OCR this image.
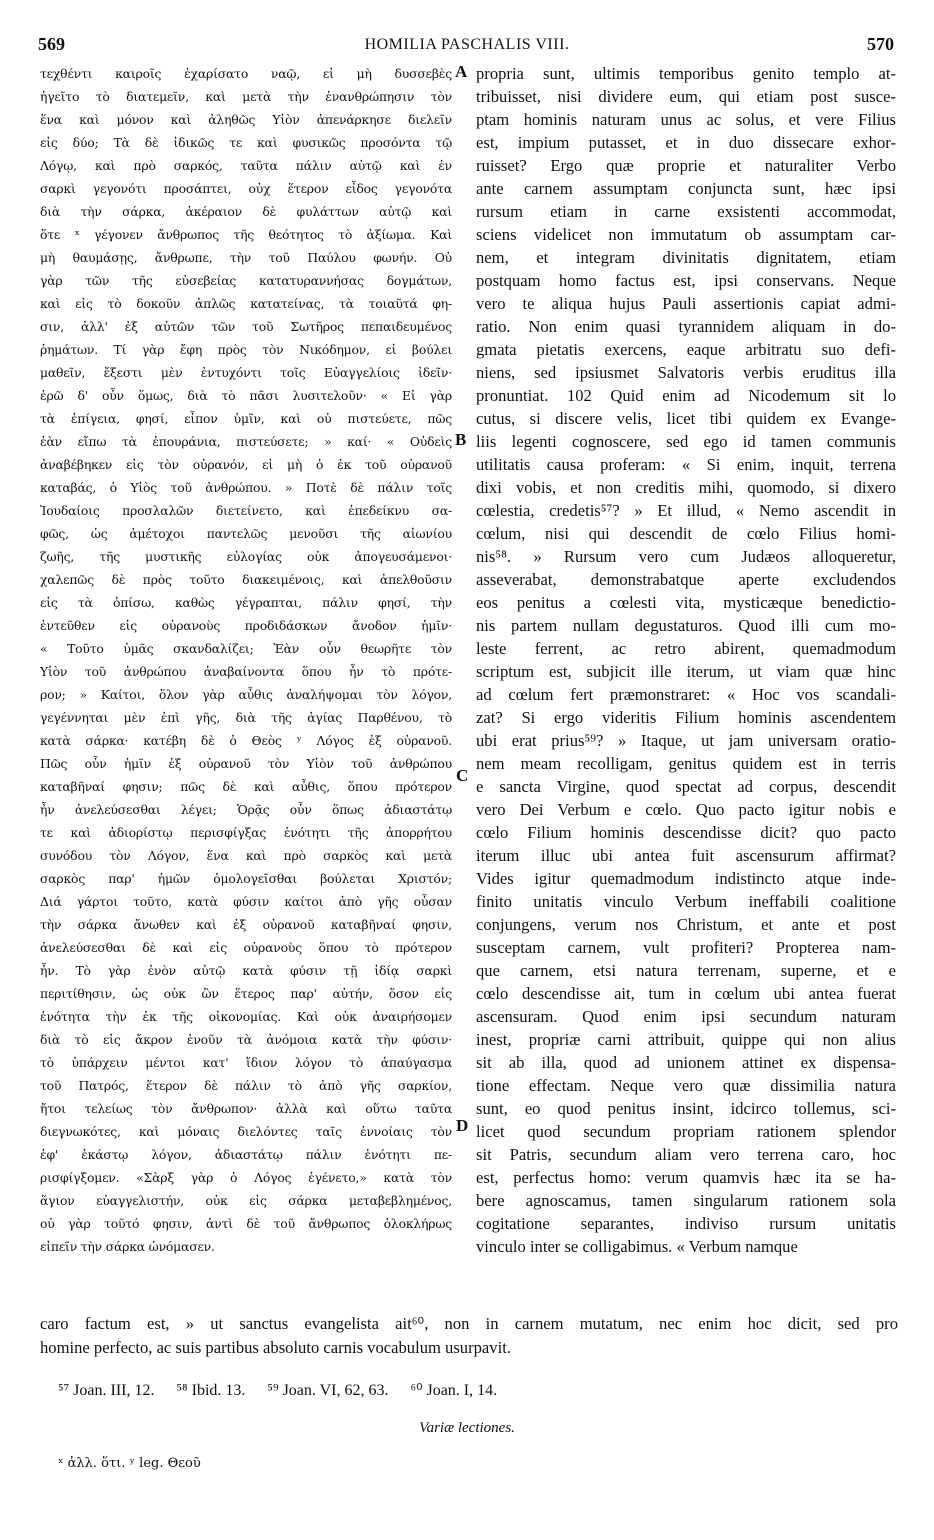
569	HOMILIA PASCHALIS VIII.	570
τεχθέντι καιροῖς ἐχαρίσατο ναῷ, εἰ μὴ δυσσεβὲς
ἡγεῖτο τὸ διατεμεῖν, καὶ μετὰ τὴν ἐνανθρώπησιν τὸν
ἕνα καὶ μόνον καὶ ἀληθῶς Υἱὸν ἀπενάρκησε διελεῖν
εἰς δύο; Τὰ δὲ ἰδικῶς τε καὶ φυσικῶς προσόντα τῷ
Λόγῳ, καὶ πρὸ σαρκός, ταῦτα πάλιν αὐτῷ καὶ ἐν
σαρκὶ γεγονότι προσάπτει, οὐχ ἕτερον εἶδος γεγονότα
διὰ τὴν σάρκα, ἀκέραιον δὲ φυλάττων αὐτῷ καὶ
ὅτε ˣ γέγονεν ἄνθρωπος τῆς θεότητος τὸ ἀξίωμα. Καὶ
μὴ θαυμάσῃς, ἄνθρωπε, τὴν τοῦ Παύλου φωνήν. Οὐ
γὰρ τῶν τῆς εὐσεβείας κατατυραννήσας δογμάτων,
καὶ εἰς τὸ δοκοῦν ἁπλῶς κατατείνας, τὰ τοιαῦτά φη-
σιν, ἀλλ' ἐξ αὐτῶν τῶν τοῦ Σωτῆρος πεπαιδευμένος
ῥημάτων. Τί γὰρ ἔφη πρὸς τὸν Νικόδημον, εἰ βούλει
μαθεῖν, ἔξεστι μὲν ἐντυχόντι τοῖς Εὐαγγελίοις ἰδεῖν·
ἐρῶ δ' οὖν ὅμως, διὰ τὸ πᾶσι λυσιτελοῦν· « Εἰ γὰρ
τὰ ἐπίγεια, φησί, εἶπον ὑμῖν, καὶ οὐ πιστεύετε, πῶς
ἐὰν εἴπω τὰ ἐπουράνια, πιστεύσετε; » καί· « Οὐδεὶς
ἀναβέβηκεν εἰς τὸν οὐρανόν, εἰ μὴ ὁ ἐκ τοῦ οὐρανοῦ
καταβάς, ὁ Υἱὸς τοῦ ἀνθρώπου. » Ποτὲ δὲ πάλιν τοῖς
Ἰουδαίοις προσλαλῶν διετείνετο, καὶ ἐπεδείκνυ σα-
φῶς, ὡς ἀμέτοχοι παντελῶς μενοῦσι τῆς αἰωνίου
ζωῆς, τῆς μυστικῆς εὐλογίας οὐκ ἀπογευσάμενοι·
χαλεπῶς δὲ πρὸς τοῦτο διακειμένοις, καὶ ἀπελθοῦσιν
εἰς τὰ ὀπίσω, καθὼς γέγραπται, πάλιν φησί, τὴν
ἐντεῦθεν εἰς οὐρανοὺς προδιδάσκων ἄνοδον ἡμῖν·
« Τοῦτο ὑμᾶς σκανδαλίζει; Ἐὰν οὖν θεωρῆτε τὸν
Υἱὸν τοῦ ἀνθρώπου ἀναβαίνοντα ὅπου ἦν τὸ πρότε-
ρον; » Καίτοι, ὅλον γὰρ αὖθις ἀναλήψομαι τὸν λόγον,
γεγέννηται μὲν ἐπὶ γῆς, διὰ τῆς ἁγίας Παρθένου, τὸ
κατὰ σάρκα· κατέβη δὲ ὁ Θεὸς ʸ Λόγος ἐξ οὐρανοῦ.
Πῶς οὖν ἡμῖν ἐξ οὐρανοῦ τὸν Υἱὸν τοῦ ἀνθρώπου
καταβῆναί φησιν; πῶς δὲ καὶ αὖθις, ὅπου πρότερον
ἦν ἀνελεύσεσθαι λέγει; Ὁρᾷς οὖν ὅπως ἀδιαστάτῳ
τε καὶ ἀδιορίστῳ περισφίγξας ἑνότητι τῆς ἀπορρήτου
συνόδου τὸν Λόγον, ἕνα καὶ πρὸ σαρκὸς καὶ μετὰ
σαρκὸς παρ' ἡμῶν ὁμολογεῖσθαι βούλεται Χριστόν;
Διά γάρτοι τοῦτο, κατὰ φύσιν καίτοι ἀπὸ γῆς οὖσαν
τὴν σάρκα ἄνωθεν καὶ ἐξ οὐρανοῦ καταβῆναί φησιν,
ἀνελεύσεσθαι δὲ καὶ εἰς οὐρανοὺς ὅπου τὸ πρότερον
ἦν. Τὸ γὰρ ἐνὸν αὐτῷ κατὰ φύσιν τῇ ἰδίᾳ σαρκὶ
περιτίθησιν, ὡς οὐκ ὢν ἕτερος παρ' αὐτήν, ὅσον εἰς
ἑνότητα τὴν ἐκ τῆς οἰκονομίας. Καὶ οὐκ ἀναιρήσομεν
διὰ τὸ εἰς ἄκρον ἑνοῦν τὰ ἀνόμοια κατὰ τὴν φύσιν·
τὸ ὑπάρχειν μέντοι κατ' ἴδιον λόγον τὸ ἀπαύγασμα
τοῦ Πατρός, ἕτερον δὲ πάλιν τὸ ἀπὸ γῆς σαρκίον,
ἤτοι τελείως τὸν ἄνθρωπον· ἀλλὰ καὶ οὕτω ταῦτα
διεγνωκότες, καὶ μόναις διελόντες ταῖς ἐννοίαις τὸν
ἐφ' ἑκάστῳ λόγον, ἀδιαστάτῳ πάλιν ἑνότητι πε-
ρισφίγξομεν. «Σὰρξ γὰρ ὁ Λόγος ἐγένετο,» κατὰ τὸν
ἅγιον εὐαγγελιστήν, οὐκ εἰς σάρκα μεταβεβλημένος,
οὐ γὰρ τοῦτό φησιν, ἀντὶ δὲ τοῦ ἄνθρωπος ὁλοκλήρως
εἰπεῖν τὴν σάρκα ὠνόμασεν.
propria sunt, ultimis temporibus genito templo at-
tribuisset, nisi dividere eum, qui etiam post susce-
ptam hominis naturam unus ac solus, et vere Filius
est, impium putasset, et in duo dissecare exhor-
ruisset? Ergo quæ proprie et naturaliter Verbo
ante carnem assumptam conjuncta sunt, hæc ipsi
rursum etiam in carne exsistenti accommodat,
sciens videlicet non immutatum ob assumptam car-
nem, et integram divinitatis dignitatem, etiam
postquam homo factus est, ipsi conservans. Neque
vero te aliqua hujus Pauli assertionis capiat admi-
ratio. Non enim quasi tyrannidem aliquam in do-
gmata pietatis exercens, eaque arbitratu suo defi-
niens, sed ipsiusmet Salvatoris verbis eruditus illa
pronuntiat. 102 Quid enim ad Nicodemum sit lo
cutus, si discere velis, licet tibi quidem ex Evange-
liis legenti cognoscere, sed ego id tamen communis
utilitatis causa proferam: « Si enim, inquit, terrena
dixi vobis, et non creditis mihi, quomodo, si dixero
cœlestia, credetis⁵⁷? » Et illud, « Nemo ascendit in
cœlum, nisi qui descendit de cœlo Filius homi-
nis⁵⁸. » Rursum vero cum Judæos alloqueretur,
asseverabat, demonstrabatque aperte excludendos
eos penitus a cœlesti vita, mysticæque benedictio-
nis partem nullam degustaturos. Quod illi cum mo-
leste ferrent, ac retro abirent, quemadmodum
scriptum est, subjicit ille iterum, ut viam quæ hinc
ad cœlum fert præmonstraret: « Hoc vos scandali-
zat? Si ergo videritis Filium hominis ascendentem
ubi erat prius⁵⁹? » Itaque, ut jam universam oratio-
nem meam recolligam, genitus quidem est in terris
e sancta Virgine, quod spectat ad corpus, descendit
vero Dei Verbum e cœlo. Quo pacto igitur nobis e
cœlo Filium hominis descendisse dicit? quo pacto
iterum illuc ubi antea fuit ascensurum affirmat?
Vides igitur quemadmodum indistincto atque inde-
finito unitatis vinculo Verbum ineffabili coalitione
conjungens, verum nos Christum, et ante et post
susceptam carnem, vult profiteri? Propterea nam-
que carnem, etsi natura terrenam, superne, et e
cœlo descendisse ait, tum in cœlum ubi antea fuerat
ascensuram. Quod enim ipsi secundum naturam
inest, propriæ carni attribuit, quippe qui non alius
sit ab illa, quod ad unionem attinet ex dispensa-
tione effectam. Neque vero quæ dissimilia natura
sunt, eo quod penitus insint, idcirco tollemus, sci-
licet quod secundum propriam rationem splendor
sit Patris, secundum aliam vero terrena caro, hoc
est, perfectus homo: verum quamvis hæc ita se ha-
bere agnoscamus, tamen singularum rationem sola
cogitatione separantes, indiviso rursum unitatis
vinculo inter se colligabimus. « Verbum namque
A
B
C
D
caro factum est, » ut sanctus evangelista ait⁶⁰, non in carnem mutatum, nec enim hoc dicit, sed pro
homine perfecto, ac suis partibus absoluto carnis vocabulum usurpavit.
⁵⁷ Joan. III, 12. ⁵⁸ Ibid. 13. ⁵⁹ Joan. VI, 62, 63. ⁶⁰ Joan. I, 14.
Variæ lectiones.
ˣ ἀλλ. ὅτι. ʸ leg. Θεοῦ
